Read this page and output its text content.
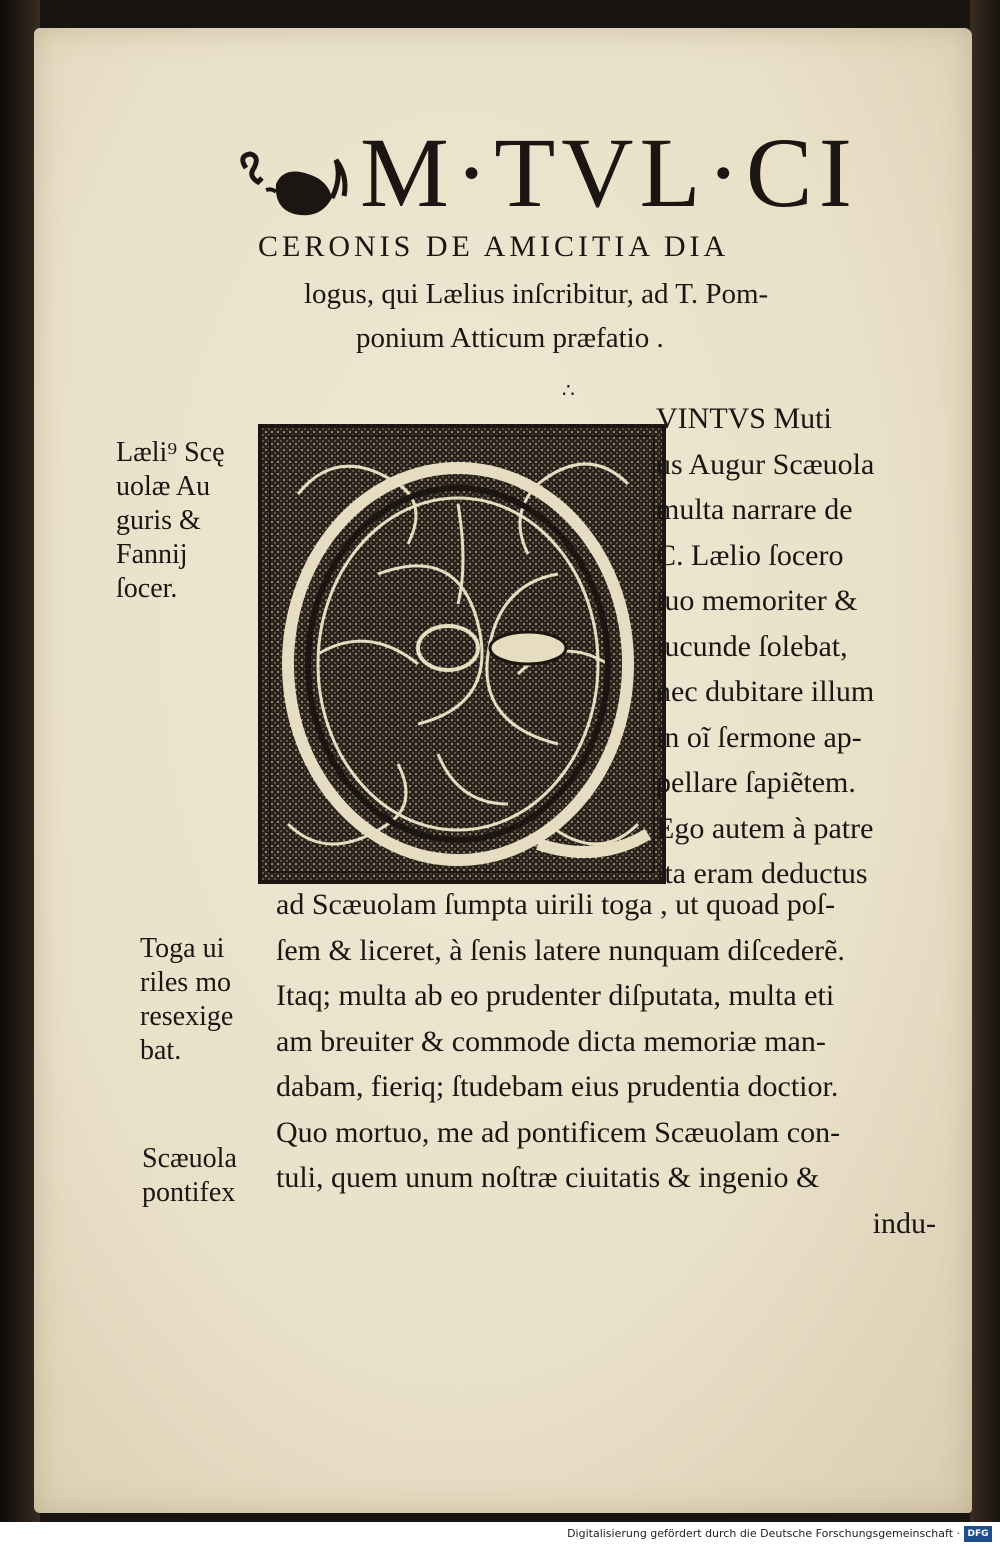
M·TVL·CI
CERONIS DE AMICITIA DIA
logus, qui Lælius inſcribitur, ad T. Pom-
ponium Atticum præfatio .
∴
VINTVS Muti
us Augur Scæuola
multa narrare de
C. Lælio ſocero
ſuo memoriter &
iucunde ſolebat,
nec dubitare illum
in oĩ ſermone ap-
pellare ſapiẽtem.
Ego autem à patre
ita eram deductus
ad Scæuolam ſumpta uirili toga , ut quoad poſ-
ſem & liceret, à ſenis latere nunquam diſcederẽ.
Itaq; multa ab eo prudenter diſputata, multa eti
am breuiter & commode dicta memoriæ man-
dabam, fieriq; ſtudebam eius prudentia doctior.
Quo mortuo, me ad pontificem Scæuolam con-
tuli, quem unum noſtræ ciuitatis & ingenio &
indu-
Læli⁹ Scę
uolæ Au
guris &
Fannij
ſocer.
Toga ui
riles mo
resexige
bat.
Scæuola
pontifex
Digitalisierung gefördert durch die Deutsche Forschungsgemeinschaft · DFG
